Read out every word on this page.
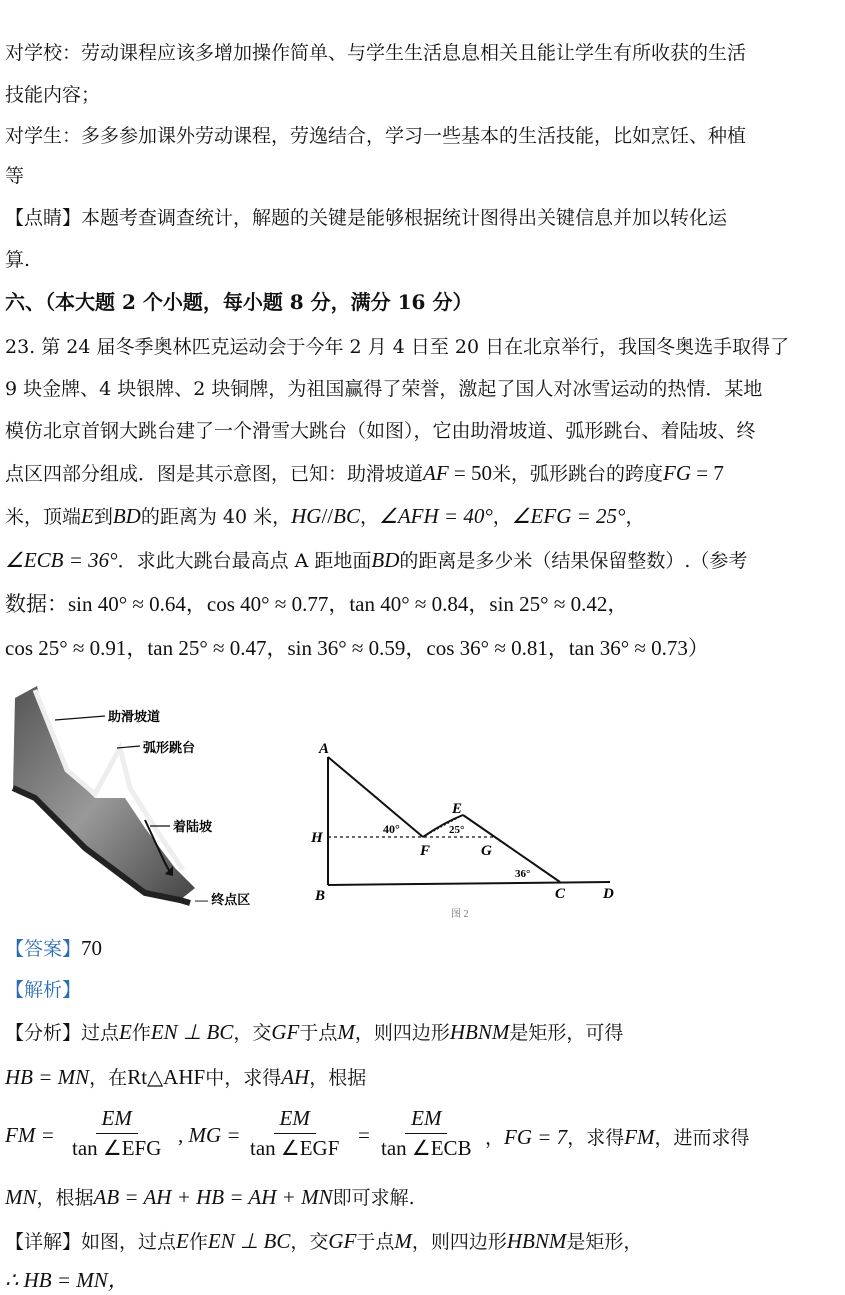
对学校：劳动课程应该多增加操作简单、与学生生活息息相关且能让学生有所收获的生活
技能内容；
对学生：多多参加课外劳动课程，劳逸结合，学习一些基本的生活技能，比如烹饪、种植
等
【点睛】本题考查调查统计，解题的关键是能够根据统计图得出关键信息并加以转化运
算.
六、（本大题 2 个小题，每小题 8 分，满分 16 分）
23. 第 24 届冬季奥林匹克运动会于今年 2 月 4 日至 20 日在北京举行，我国冬奥选手取得了
9 块金牌、4 块银牌、2 块铜牌，为祖国赢得了荣誉，激起了国人对冰雪运动的热情．某地
模仿北京首钢大跳台建了一个滑雪大跳台（如图），它由助滑坡道、弧形跳台、着陆坡、终
点区四部分组成．图是其示意图，已知：助滑坡道AF = 50米，弧形跳台的跨度FG = 7
米，顶端E到BD的距离为 40 米，HG//BC，∠AFH = 40°，∠EFG = 25°，
∠ECB = 36°．求此大跳台最高点 A 距地面BD的距离是多少米（结果保留整数）.（参考
数据：sin 40° ≈ 0.64，cos 40° ≈ 0.77，tan 40° ≈ 0.84，sin 25° ≈ 0.42，
cos 25° ≈ 0.91，tan 25° ≈ 0.47，sin 36° ≈ 0.59，cos 36° ≈ 0.81，tan 36° ≈ 0.73）
助滑坡道
弧形跳台
着陆坡
— 终点区
A
H
B
F
E
G
C	D
40°	25°
36°
图 2
【答案】70
【解析】
【分析】过点E作EN ⊥ BC，交GF于点M，则四边形HBNM是矩形，可得
HB = MN，在Rt△AHF中，求得AH，根据
FM =
EM
tan ∠EFG
, MG =
EM
tan ∠EGF
=
EM
tan ∠ECB ，FG = 7，求得FM，进而求得
MN，根据AB = AH + HB = AH + MN即可求解.
【详解】如图，过点E作EN ⊥ BC，交GF于点M，则四边形HBNM是矩形，
∴ HB = MN，
